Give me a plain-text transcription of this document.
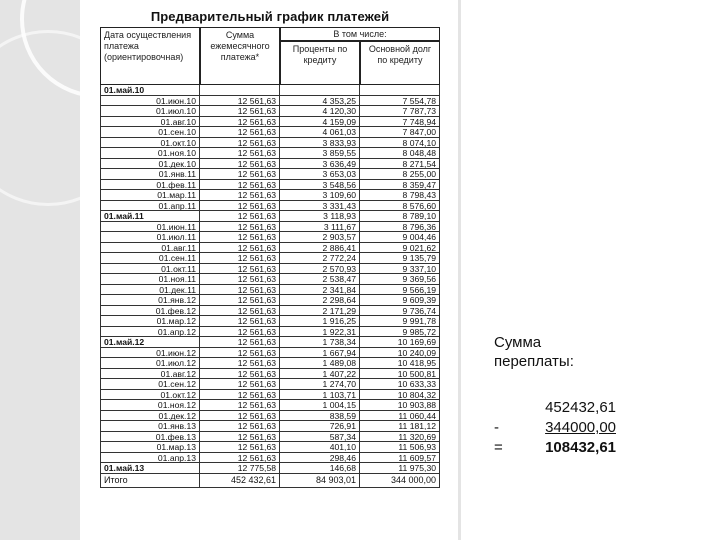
Предварительный график платежей
Дата осуществления платежа (ориентировочная)
Сумма ежемесячного платежа*
В том числе:
Проценты по кредиту
Основной долг по кредиту
01.май.10
01.июн.10	12 561,63	4 353,25	7 554,78
01.июл.10	12 561,63	4 120,30	7 787,73
01.авг.10	12 561,63	4 159,09	7 748,94
01.сен.10	12 561,63	4 061,03	7 847,00
01.окт.10	12 561,63	3 833,93	8 074,10
01.ноя.10	12 561,63	3 859,55	8 048,48
01.дек.10	12 561,63	3 636,49	8 271,54
01.янв.11	12 561,63	3 653,03	8 255,00
01.фев.11	12 561,63	3 548,56	8 359,47
01.мар.11	12 561,63	3 109,60	8 798,43
01.апр.11	12 561,63	3 331,43	8 576,60
01.май.11	12 561,63	3 118,93	8 789,10
01.июн.11	12 561,63	3 111,67	8 796,36
01.июл.11	12 561,63	2 903,57	9 004,46
01.авг.11	12 561,63	2 886,41	9 021,62
01.сен.11	12 561,63	2 772,24	9 135,79
01.окт.11	12 561,63	2 570,93	9 337,10
01.ноя.11	12 561,63	2 538,47	9 369,56
01.дек.11	12 561,63	2 341,84	9 566,19
01.янв.12	12 561,63	2 298,64	9 609,39
01.фев.12	12 561,63	2 171,29	9 736,74
01.мар.12	12 561,63	1 916,25	9 991,78
01.апр.12	12 561,63	1 922,31	9 985,72
01.май.12	12 561,63	1 738,34	10 169,69
01.июн.12	12 561,63	1 667,94	10 240,09
01.июл.12	12 561,63	1 489,08	10 418,95
01.авг.12	12 561,63	1 407,22	10 500,81
01.сен.12	12 561,63	1 274,70	10 633,33
01.окт.12	12 561,63	1 103,71	10 804,32
01.ноя.12	12 561,63	1 004,15	10 903,88
01.дек.12	12 561,63	838,59	11 060,44
01.янв.13	12 561,63	726,91	11 181,12
01.фев.13	12 561,63	587,34	11 320,69
01.мар.13	12 561,63	401,10	11 506,93
01.апр.13	12 561,63	298,46	11 609,57
01.май.13	12 775,58	146,68	11 975,30
Итого	452 432,61	84 903,01	344 000,00
Сумма переплаты:
452432,61
-	344000,00
=	108432,61
